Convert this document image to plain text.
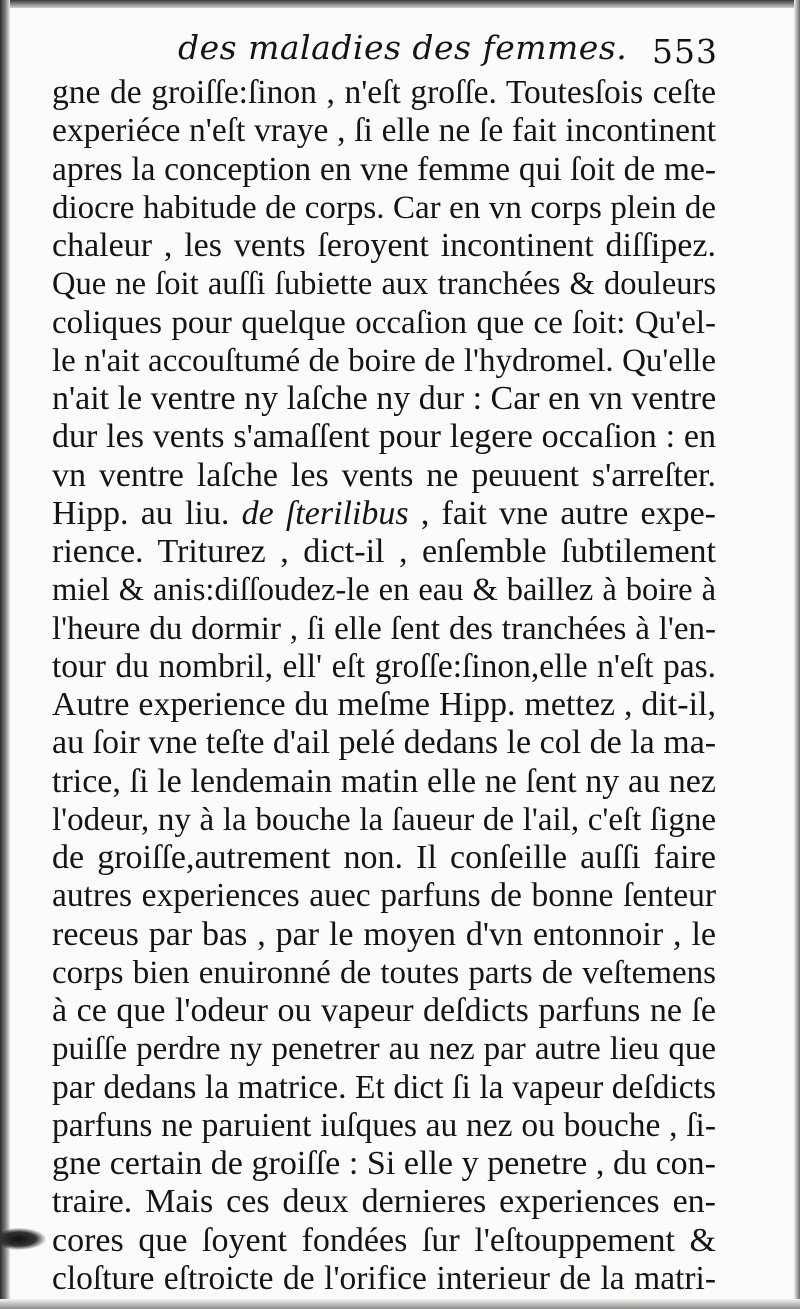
des maladies des femmes. 553
gne de groiſſe:ſinon , n'eſt groſſe. Toutesſois ceſte
experiéce n'eſt vraye , ſi elle ne ſe fait incontinent
apres la conception en vne femme qui ſoit de me-
diocre habitude de corps. Car en vn corps plein de
chaleur , les vents ſeroyent incontinent diſſipez.
Que ne ſoit auſſi ſubiette aux tranchées & douleurs
coliques pour quelque occaſion que ce ſoit: Qu'el-
le n'ait accouſtumé de boire de l'hydromel. Qu'elle
n'ait le ventre ny laſche ny dur : Car en vn ventre
dur les vents s'amaſſent pour legere occaſion : en
vn ventre laſche les vents ne peuuent s'arreſter.
Hipp. au liu. de ſterilibus , fait vne autre expe-
rience. Triturez , dict-il , enſemble ſubtilement
miel & anis:diſſoudez-le en eau & baillez à boire à
l'heure du dormir , ſi elle ſent des tranchées à l'en-
tour du nombril, ell' eſt groſſe:ſinon,elle n'eſt pas.
Autre experience du meſme Hipp. mettez , dit-il,
au ſoir vne teſte d'ail pelé dedans le col de la ma-
trice, ſi le lendemain matin elle ne ſent ny au nez
l'odeur, ny à la bouche la ſaueur de l'ail, c'eſt ſigne
de groiſſe,autrement non. Il conſeille auſſi faire
autres experiences auec parfuns de bonne ſenteur
receus par bas , par le moyen d'vn entonnoir , le
corps bien enuironné de toutes parts de veſtemens
à ce que l'odeur ou vapeur deſdicts parfuns ne ſe
puiſſe perdre ny penetrer au nez par autre lieu que
par dedans la matrice. Et dict ſi la vapeur deſdicts
parfuns ne paruient iuſques au nez ou bouche , ſi-
gne certain de groiſſe : Si elle y penetre , du con-
traire. Mais ces deux dernieres experiences en-
cores que ſoyent fondées ſur l'eſtouppement &
cloſture eſtroicte de l'orifice interieur de la matri-
